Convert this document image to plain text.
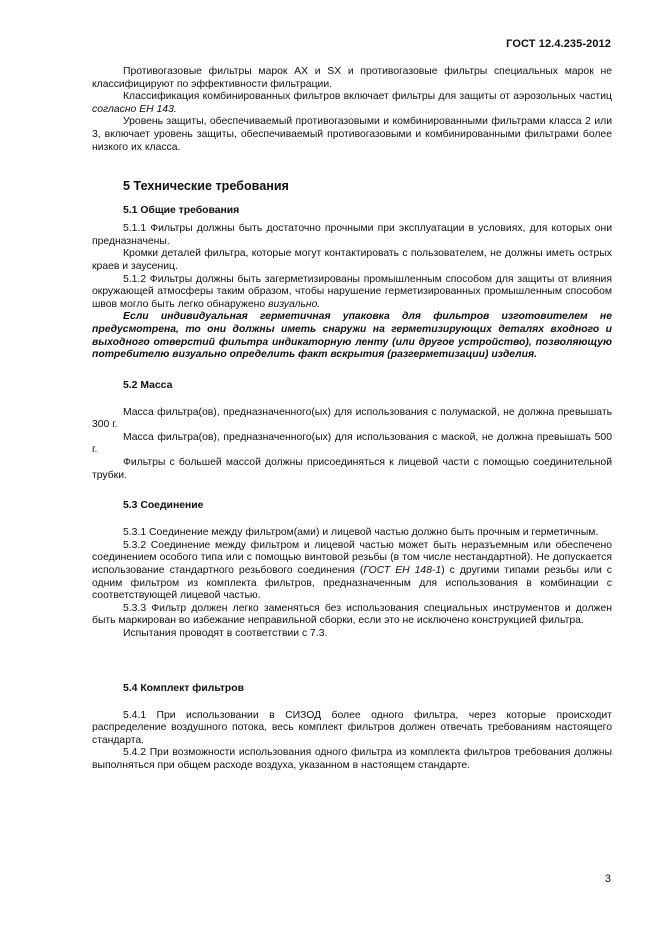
ГОСТ 12.4.235-2012

Противогазовые фильтры марок АХ и SX и противогазовые фильтры специальных марок не классифицируют по эффективности фильтрации.

Классификация комбинированных фильтров включает фильтры для защиты от аэрозольных частиц согласно ЕН 143.

Уровень защиты, обеспечиваемый противогазовыми и комбинированными фильтрами класса 2 или 3, включает уровень защиты, обеспечиваемый противогазовыми и комбинированными фильтрами более низкого их класса.

5 Технические требования
5.1 Общие требования

5.1.1 Фильтры должны быть достаточно прочными при эксплуатации в условиях, для которых они предназначены.

Кромки деталей фильтра, которые могут контактировать с пользователем, не должны иметь острых краев и заусениц.

5.1.2 Фильтры должны быть загерметизированы промышленным способом для защиты от влияния окружающей атмосферы таким образом, чтобы нарушение герметизированных промышленным способом швов могло быть легко обнаружено визуально.

Если индивидуальная герметичная упаковка для фильтров изготовителем не предусмотрена, то они должны иметь снаружи на герметизирующих деталях входного и выходного отверстий фильтра индикаторную ленту (или другое устройство), позволяющую потребителю визуально определить факт вскрытия (разгерметизации) изделия.

5.2 Масса

Масса фильтра(ов), предназначенного(ых) для использования с полумаской, не должна превышать 300 г.

Масса фильтра(ов), предназначенного(ых) для использования с маской, не должна превышать 500 г.

Фильтры с большей массой должны присоединяться к лицевой части с помощью соединительной трубки.

5.3 Соединение

5.3.1 Соединение между фильтром(ами) и лицевой частью должно быть прочным и герметичным.

5.3.2 Соединение между фильтром и лицевой частью может быть неразъемным или обеспечено соединением особого типа или с помощью винтовой резьбы (в том числе нестандартной). Не допускается использование стандартного резьбового соединения (ГОСТ ЕН 148-1) с другими типами резьбы или с одним фильтром из комплекта фильтров, предназначенным для использования в комбинации с соответствующей лицевой частью.

5.3.3 Фильтр должен легко заменяться без использования специальных инструментов и должен быть маркирован во избежание неправильной сборки, если это не исключено конструкцией фильтра.

Испытания проводят в соответствии с 7.3.

5.4 Комплект фильтров

5.4.1 При использовании в СИЗОД более одного фильтра, через которые происходит распределение воздушного потока, весь комплект фильтров должен отвечать требованиям настоящего стандарта.

5.4.2 При возможности использования одного фильтра из комплекта фильтров требования должны выполняться при общем расходе воздуха, указанном в настоящем стандарте.

3
